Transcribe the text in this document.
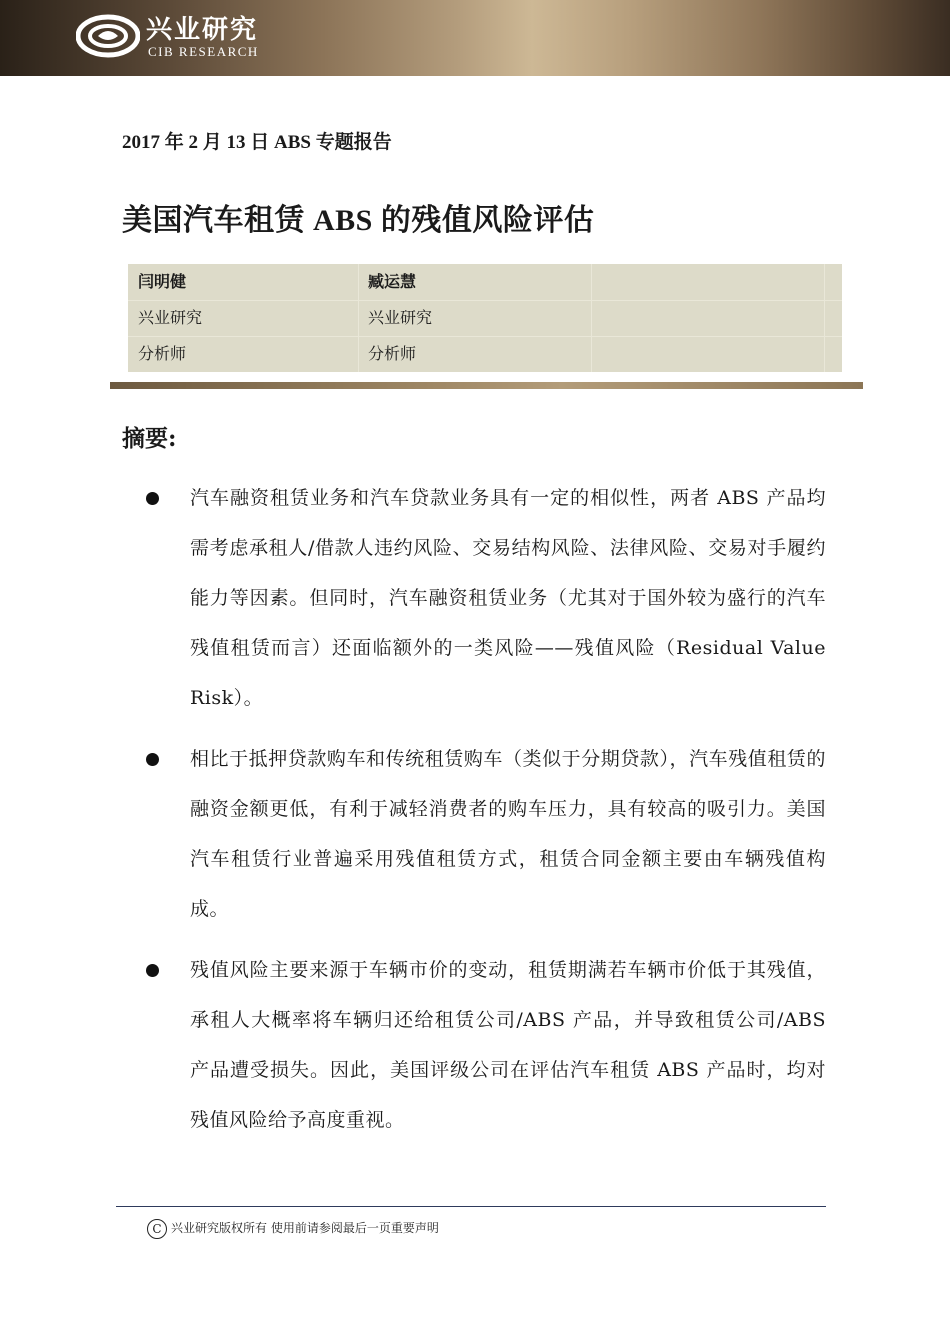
兴业研究
CIB RESEARCH
2017 年 2 月 13 日 ABS 专题报告
美国汽车租赁 ABS 的残值风险评估
闫明健	臧运慧
兴业研究	兴业研究
分析师	分析师
摘要:
汽车融资租赁业务和汽车贷款业务具有一定的相似性，两者 ABS 产品均需考虑承租人/借款人违约风险、交易结构风险、法律风险、交易对手履约能力等因素。但同时，汽车融资租赁业务（尤其对于国外较为盛行的汽车残值租赁而言）还面临额外的一类风险——残值风险（Residual Value Risk）。
相比于抵押贷款购车和传统租赁购车（类似于分期贷款），汽车残值租赁的融资金额更低，有利于减轻消费者的购车压力，具有较高的吸引力。美国汽车租赁行业普遍采用残值租赁方式，租赁合同金额主要由车辆残值构成。
残值风险主要来源于车辆市价的变动，租赁期满若车辆市价低于其残值，承租人大概率将车辆归还给租赁公司/ABS 产品，并导致租赁公司/ABS 产品遭受损失。因此，美国评级公司在评估汽车租赁 ABS 产品时，均对残值风险给予高度重视。
C 兴业研究版权所有 使用前请参阅最后一页重要声明
